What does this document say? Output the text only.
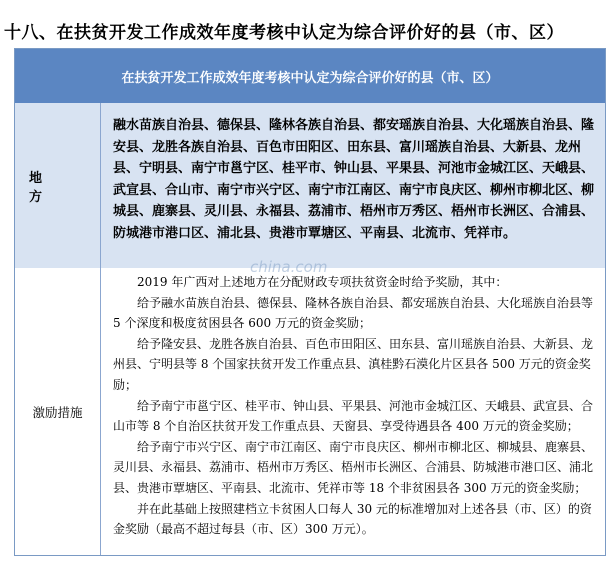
十八、在扶贫开发工作成效年度考核中认定为综合评价好的县（市、区）
在扶贫开发工作成效年度考核中认定为综合评价好的县（市、区）
地　方
融水苗族自治县、德保县、隆林各族自治县、都安瑶族自治县、大化瑶族自治县、隆安县、龙胜各族自治县、百色市田阳区、田东县、富川瑶族自治县、大新县、龙州县、宁明县、南宁市邕宁区、桂平市、钟山县、平果县、河池市金城江区、天峨县、武宣县、合山市、南宁市兴宁区、南宁市江南区、南宁市良庆区、柳州市柳北区、柳城县、鹿寨县、灵川县、永福县、荔浦市、梧州市万秀区、梧州市长洲区、合浦县、防城港市港口区、浦北县、贵港市覃塘区、平南县、北流市、凭祥市。
激励措施
2019 年广西对上述地方在分配财政专项扶贫资金时给予奖励，其中：
给予融水苗族自治县、德保县、隆林各族自治县、都安瑶族自治县、大化瑶族自治县等 5 个深度和极度贫困县各 600 万元的资金奖励；
给予隆安县、龙胜各族自治县、百色市田阳区、田东县、富川瑶族自治县、大新县、龙州县、宁明县等 8 个国家扶贫开发工作重点县、滇桂黔石漠化片区县各 500 万元的资金奖励；
给予南宁市邕宁区、桂平市、钟山县、平果县、河池市金城江区、天峨县、武宣县、合山市等 8 个自治区扶贫开发工作重点县、天窗县、享受待遇县各 400 万元的资金奖励；
给予南宁市兴宁区、南宁市江南区、南宁市良庆区、柳州市柳北区、柳城县、鹿寨县、灵川县、永福县、荔浦市、梧州市万秀区、梧州市长洲区、合浦县、防城港市港口区、浦北县、贵港市覃塘区、平南县、北流市、凭祥市等 18 个非贫困县各 300 万元的资金奖励；
并在此基础上按照建档立卡贫困人口每人 30 元的标准增加对上述各县（市、区）的资金奖励（最高不超过每县（市、区）300 万元）。
china.com
